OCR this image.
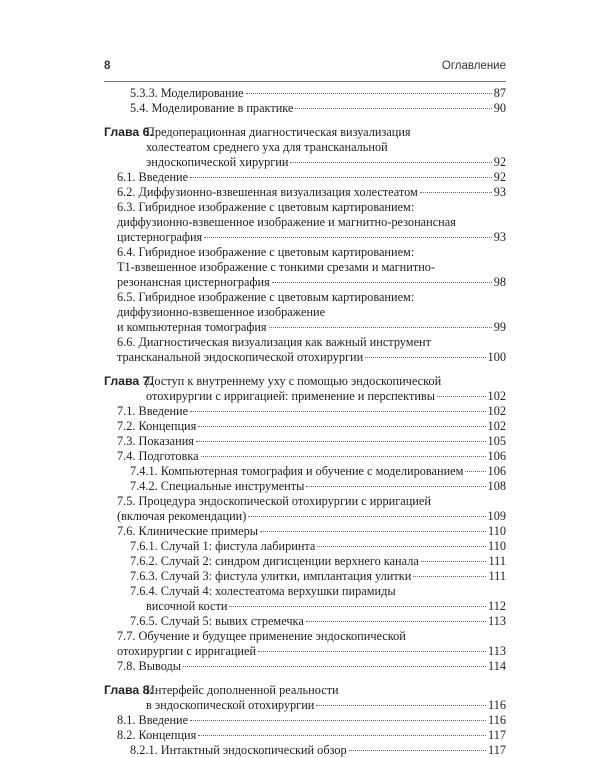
8	Оглавление
5.3.3. Моделирование	87
5.4. Моделирование в практике	90
Глава 6.
Предоперационная диагностическая визуализация
холестеатом среднего уха для трансканальной
эндоскопической хирургии	92
6.1. Введение	92
6.2. Диффузионно-взвешенная визуализация холестеатом	93
6.3. Гибридное изображение с цветовым картированием:
диффузионно-взвешенное изображение и магнитно-резонансная
цистернография	93
6.4. Гибридное изображение с цветовым картированием:
Т1-взвешенное изображение с тонкими срезами и магнитно-
резонансная цистернография	98
6.5. Гибридное изображение с цветовым картированием:
диффузионно-взвешенное изображение
и компьютерная томография	99
6.6. Диагностическая визуализация как важный инструмент
трансканальной эндоскопической отохирургии	100
Глава 7.
Доступ к внутреннему уху с помощью эндоскопической
отохирургии с ирригацией: применение и перспективы	102
7.1. Введение	102
7.2. Концепция	102
7.3. Показания	105
7.4. Подготовка	106
7.4.1. Компьютерная томография и обучение с моделированием 106
7.4.2. Специальные инструменты	108
7.5. Процедура эндоскопической отохирургии с ирригацией
(включая рекомендации)	109
7.6. Клинические примеры	110
7.6.1. Случай 1: фистула лабиринта	110
7.6.2. Случай 2: синдром дигисценции верхнего канала	111
7.6.3. Случай 3: фистула улитки, имплантация улитки	111
7.6.4. Случай 4: холестеатома верхушки пирамиды
височной кости	112
7.6.5. Случай 5: вывих стремечка	113
7.7. Обучение и будущее применение эндоскопической
отохирургии с ирригацией	113
7.8. Выводы	114
Глава 8.
Интерфейс дополненной реальности
в эндоскопической отохирургии	116
8.1. Введение	116
8.2. Концепция	117
8.2.1. Интактный эндоскопический обзор	117
